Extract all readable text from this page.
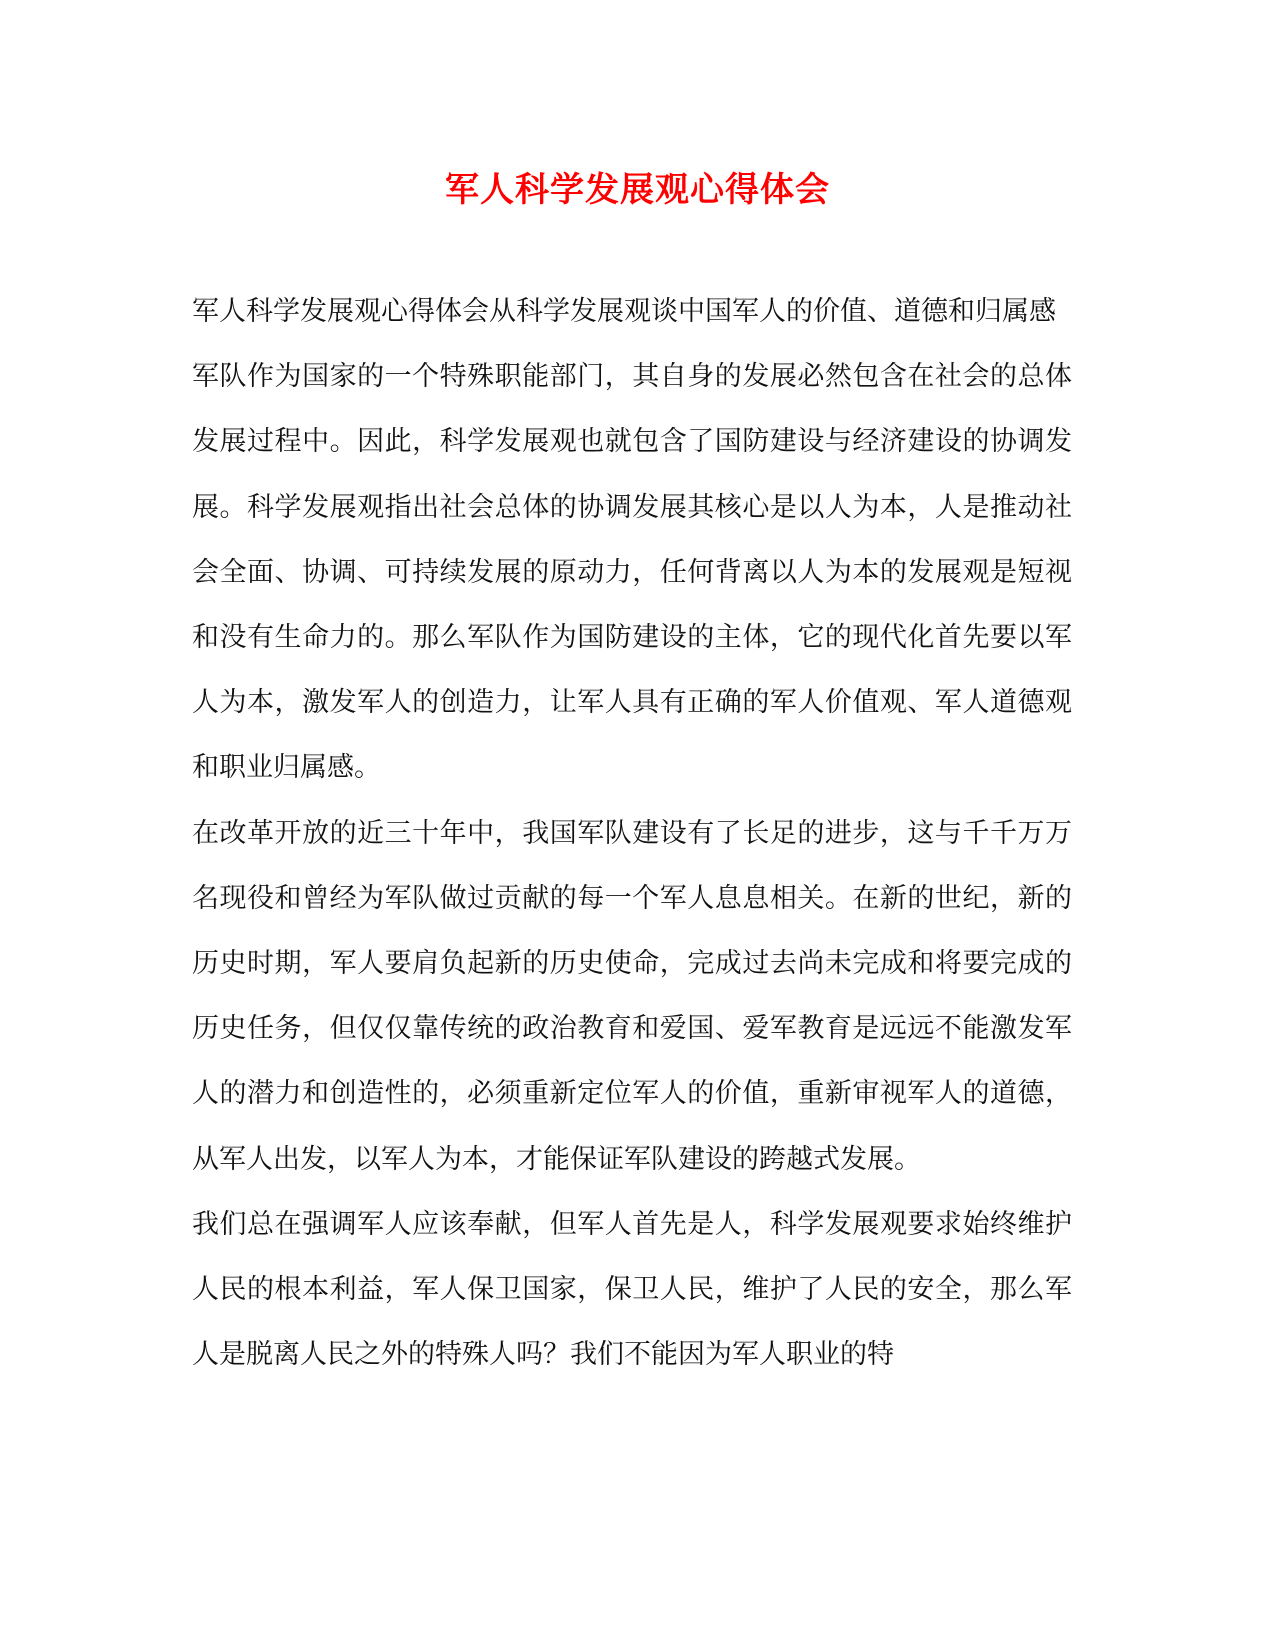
军人科学发展观心得体会

军人科学发展观心得体会从科学发展观谈中国军人的价值、道德和归属感

军队作为国家的一个特殊职能部门，其自身的发展必然包含在社会的总体发展过程中。因此，科学发展观也就包含了国防建设与经济建设的协调发展。科学发展观指出社会总体的协调发展其核心是以人为本，人是推动社会全面、协调、可持续发展的原动力，任何背离以人为本的发展观是短视和没有生命力的。那么军队作为国防建设的主体，它的现代化首先要以军人为本，激发军人的创造力，让军人具有正确的军人价值观、军人道德观和职业归属感。

在改革开放的近三十年中，我国军队建设有了长足的进步，这与千千万万名现役和曾经为军队做过贡献的每一个军人息息相关。在新的世纪，新的历史时期，军人要肩负起新的历史使命，完成过去尚未完成和将要完成的历史任务，但仅仅靠传统的政治教育和爱国、爱军教育是远远不能激发军人的潜力和创造性的，必须重新定位军人的价值，重新审视军人的道德，从军人出发，以军人为本，才能保证军队建设的跨越式发展。

我们总在强调军人应该奉献，但军人首先是人，科学发展观要求始终维护人民的根本利益，军人保卫国家，保卫人民，维护了人民的安全，那么军人是脱离人民之外的特殊人吗？我们不能因为军人职业的特
